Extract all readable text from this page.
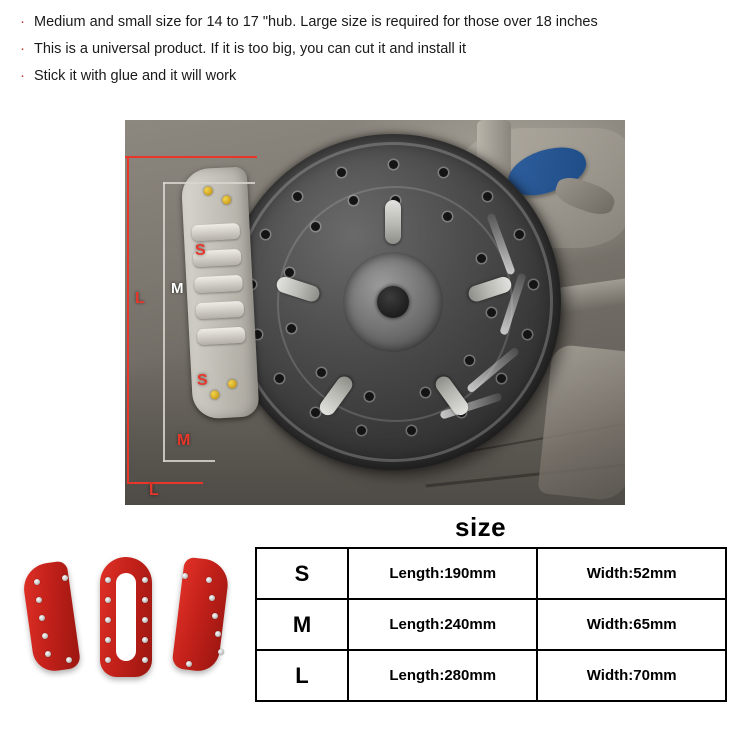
· Medium and small size for 14 to 17 "hub. Large size is required for those over 18 inches
· This is a universal product. If it is too big, you can cut it and install it
· Stick it with glue and it will work
L
M
S
S
M
L
size
S	Length:190mm	Width:52mm
M	Length:240mm	Width:65mm
L	Length:280mm	Width:70mm
